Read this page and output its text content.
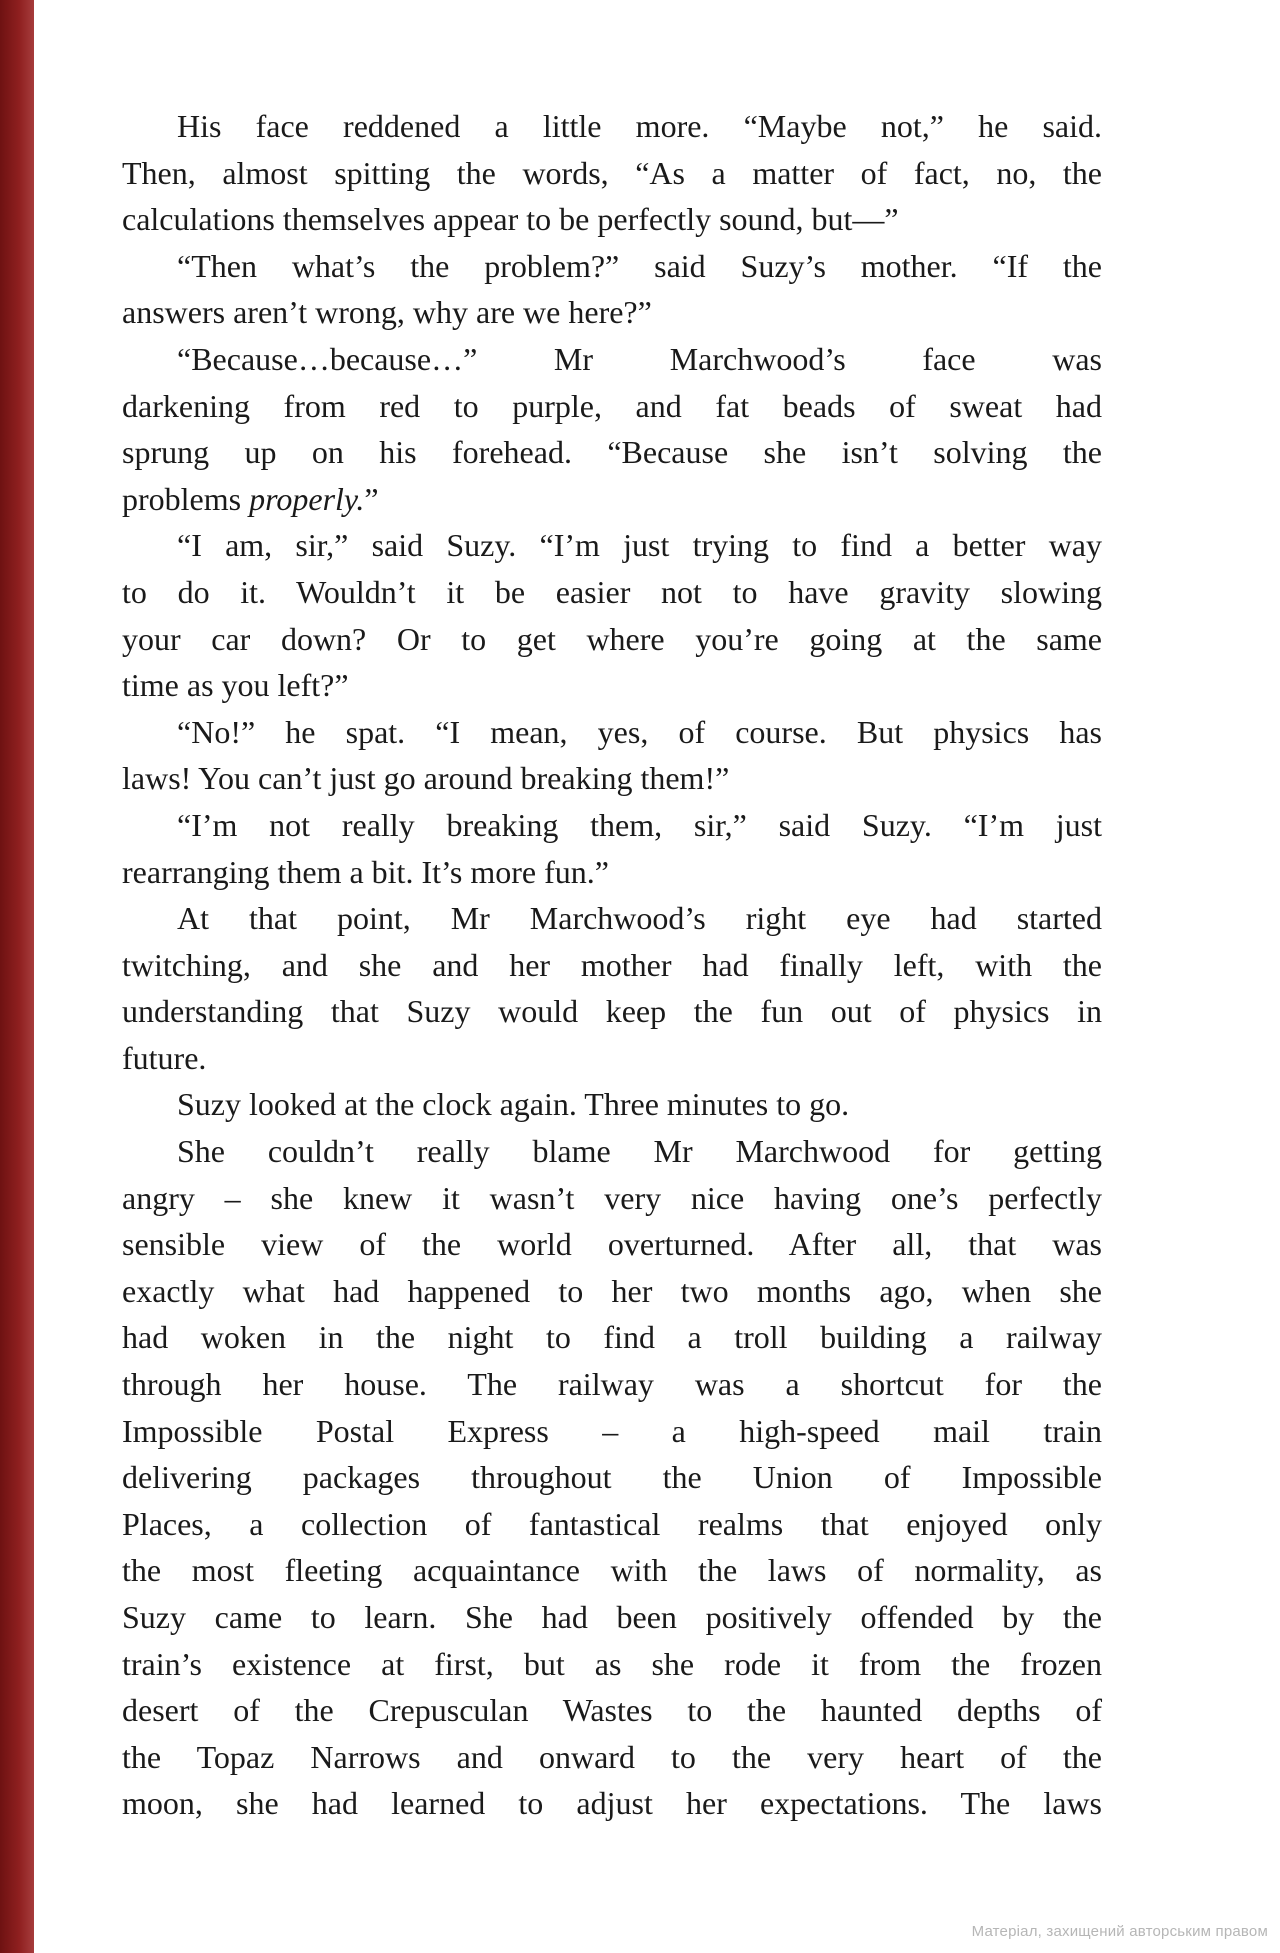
His face reddened a little more. “Maybe not,” he said.
Then, almost spitting the words, “As a matter of fact, no, the
calculations themselves appear to be perfectly sound, but—”
“Then what’s the problem?” said Suzy’s mother. “If the
answers aren’t wrong, why are we here?”
“Because…because…” Mr Marchwood’s face was
darkening from red to purple, and fat beads of sweat had
sprung up on his forehead. “Because she isn’t solving the
problems properly.”
“I am, sir,” said Suzy. “I’m just trying to find a better way
to do it. Wouldn’t it be easier not to have gravity slowing
your car down? Or to get where you’re going at the same
time as you left?”
“No!” he spat. “I mean, yes, of course. But physics has
laws! You can’t just go around breaking them!”
“I’m not really breaking them, sir,” said Suzy. “I’m just
rearranging them a bit. It’s more fun.”
At that point, Mr Marchwood’s right eye had started
twitching, and she and her mother had finally left, with the
understanding that Suzy would keep the fun out of physics in
future.
Suzy looked at the clock again. Three minutes to go.
She couldn’t really blame Mr Marchwood for getting
angry – she knew it wasn’t very nice having one’s perfectly
sensible view of the world overturned. After all, that was
exactly what had happened to her two months ago, when she
had woken in the night to find a troll building a railway
through her house. The railway was a shortcut for the
Impossible Postal Express – a high-speed mail train
delivering packages throughout the Union of Impossible
Places, a collection of fantastical realms that enjoyed only
the most fleeting acquaintance with the laws of normality, as
Suzy came to learn. She had been positively offended by the
train’s existence at first, but as she rode it from the frozen
desert of the Crepusculan Wastes to the haunted depths of
the Topaz Narrows and onward to the very heart of the
moon, she had learned to adjust her expectations. The laws
Матеріал, захищений авторським правом
